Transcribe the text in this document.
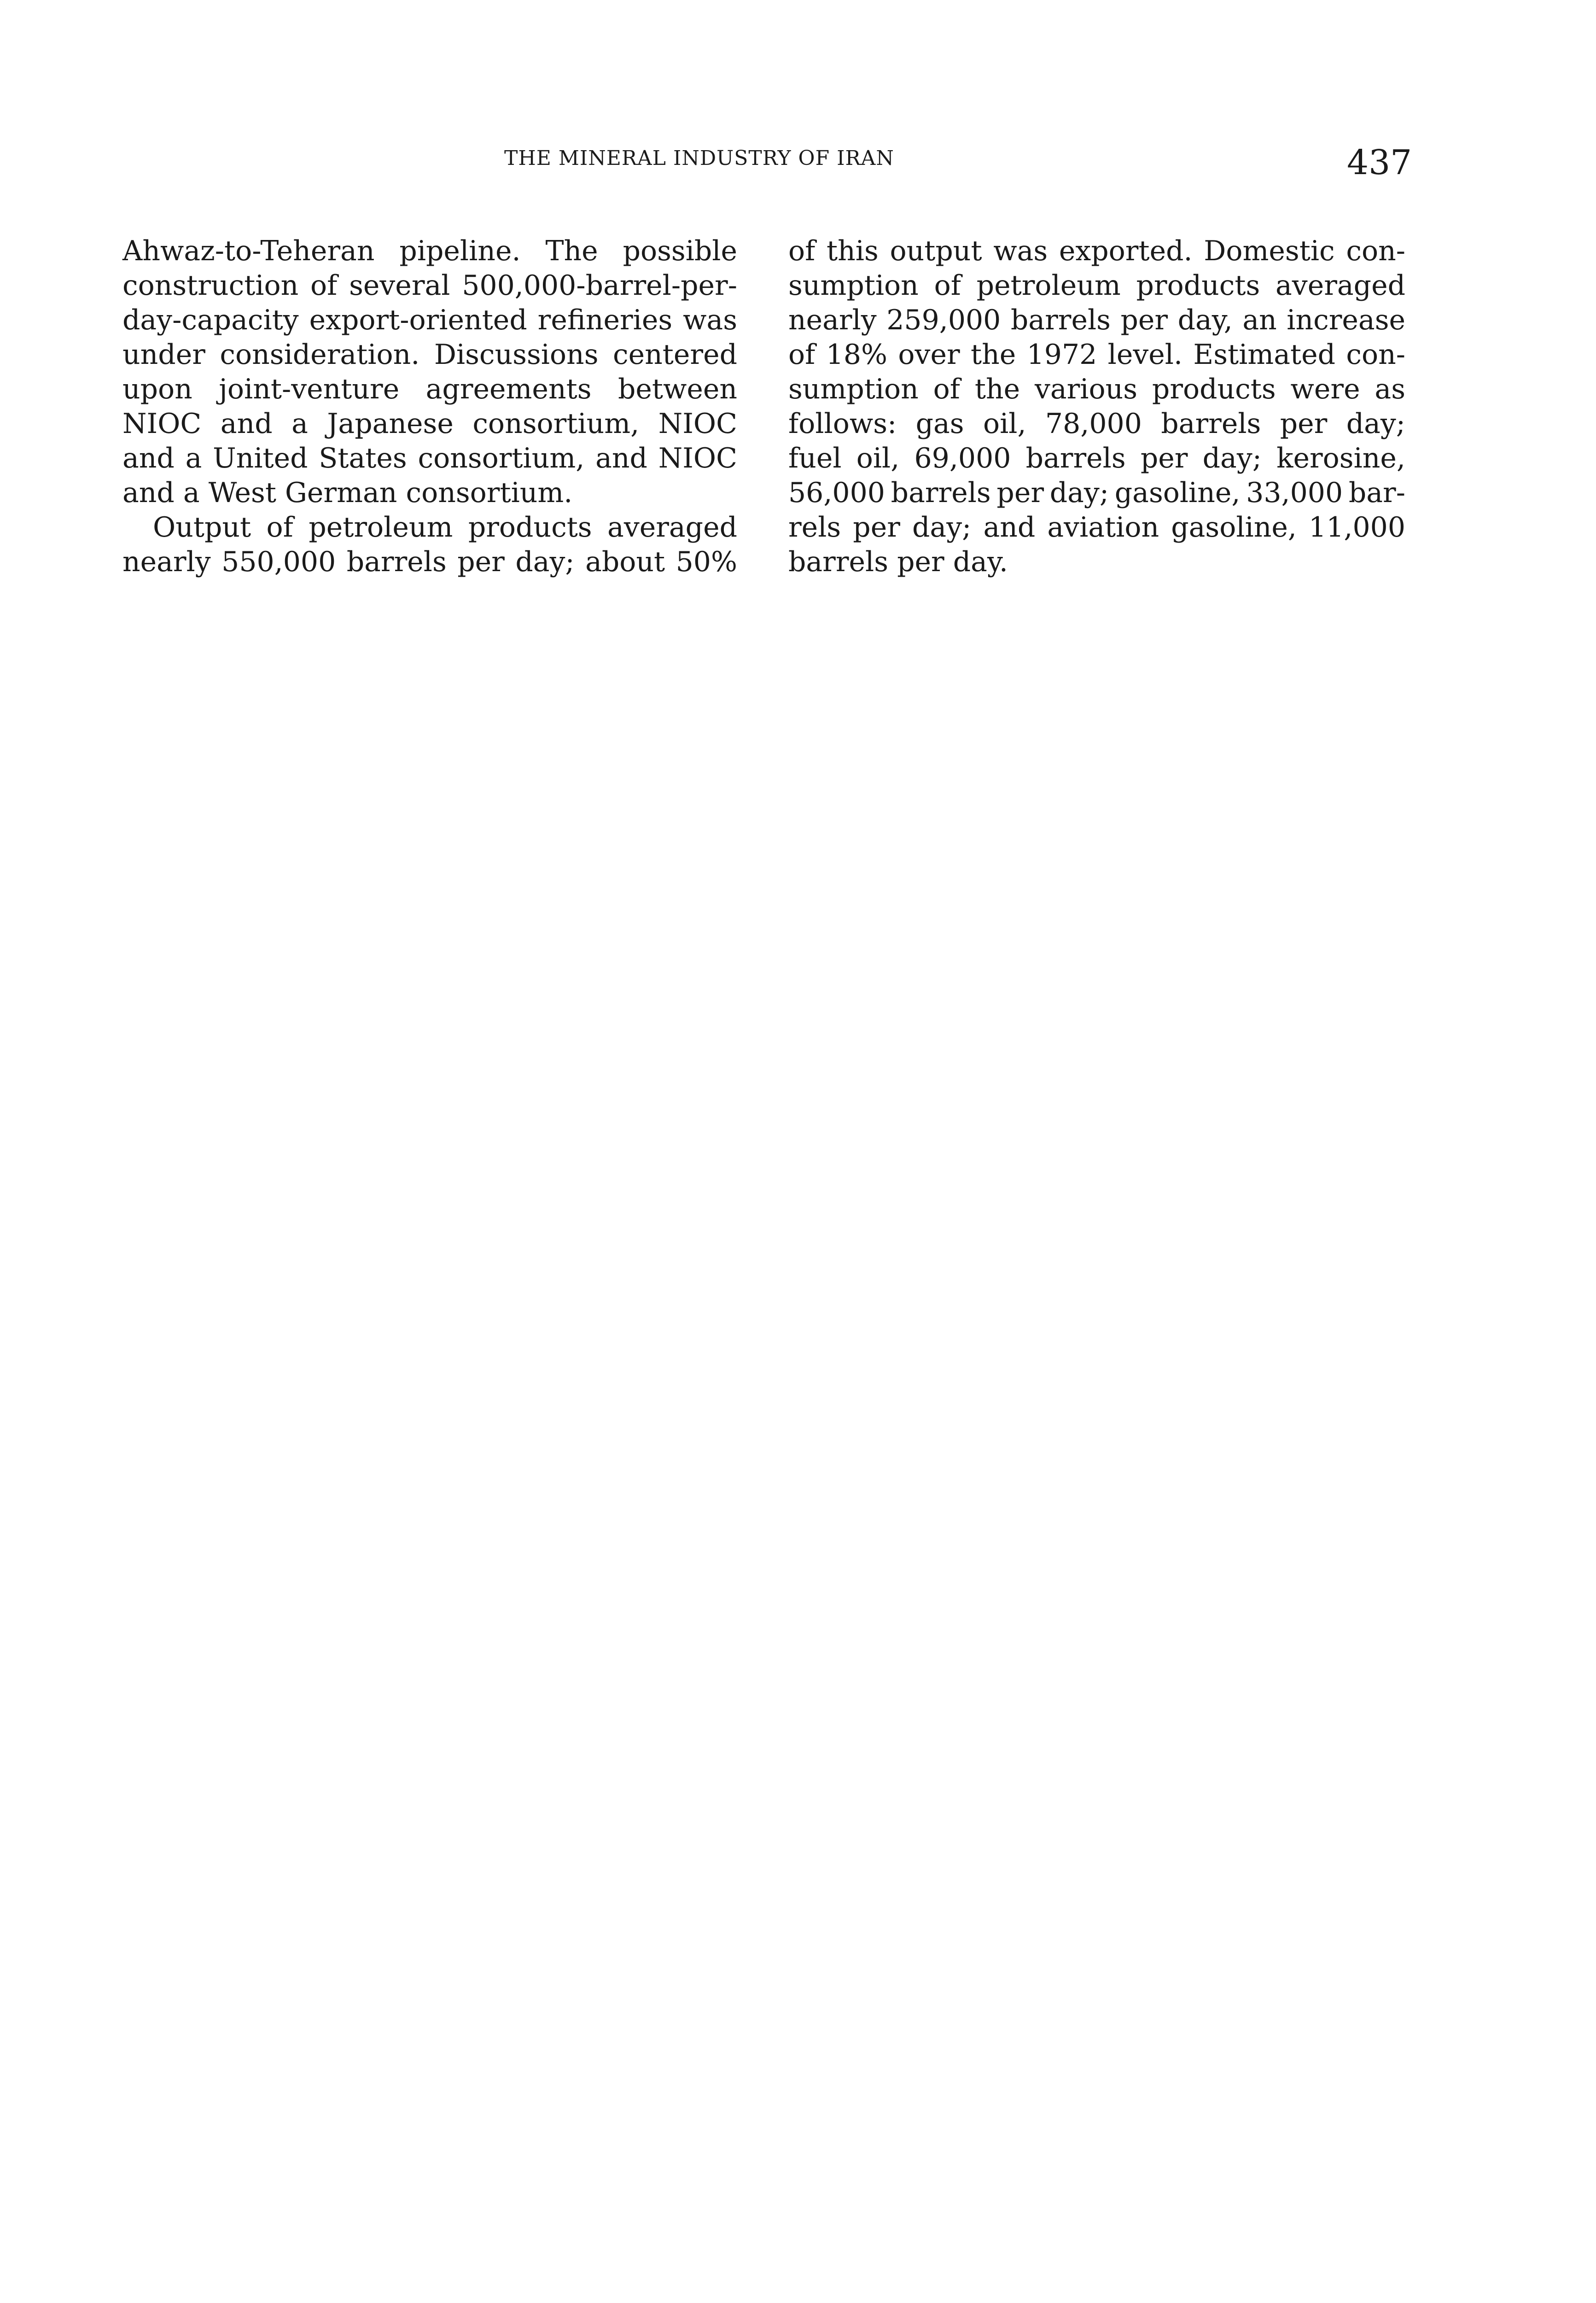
THE MINERAL INDUSTRY OF IRAN	437

Ahwaz-to-Teheran pipeline. The possible
construction of several 500,000-barrel-per-
day-capacity export-oriented refineries was
under consideration. Discussions centered
upon joint-venture agreements between
NIOC and a Japanese consortium, NIOC
and a United States consortium, and NIOC
and a West German consortium.

Output of petroleum products averaged
nearly 550,000 barrels per day; about 50%

of this output was exported. Domestic con-
sumption of petroleum products averaged
nearly 259,000 barrels per day, an increase
of 18% over the 1972 level. Estimated con-
sumption of the various products were as
follows: gas oil, 78,000 barrels per day;
fuel oil, 69,000 barrels per day; kerosine,
56,000 barrels per day; gasoline, 33,000 bar-
rels per day; and aviation gasoline, 11,000
barrels per day.
